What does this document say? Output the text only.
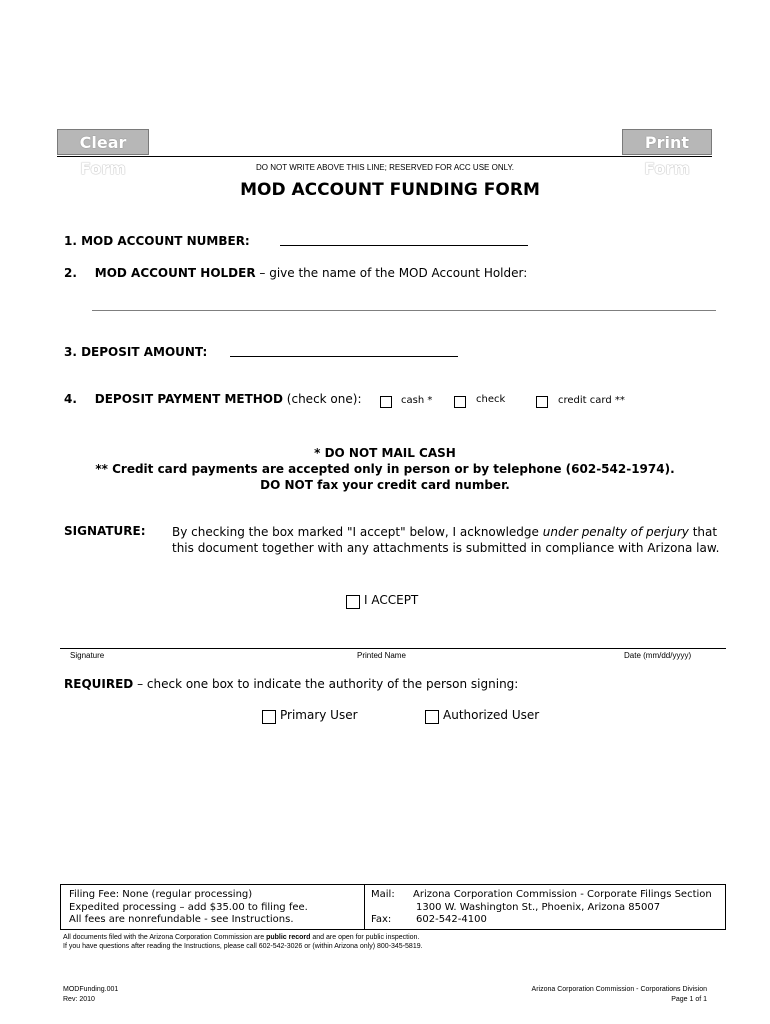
Clear Form
Print Form
DO NOT WRITE ABOVE THIS LINE; RESERVED FOR ACC USE ONLY.
MOD ACCOUNT FUNDING FORM
1. MOD ACCOUNT NUMBER:
2. MOD ACCOUNT HOLDER – give the name of the MOD Account Holder:
3. DEPOSIT AMOUNT:
4. DEPOSIT PAYMENT METHOD (check one):	cash *	check	credit card **
* DO NOT MAIL CASH
** Credit card payments are accepted only in person or by telephone (602-542-1974).
DO NOT fax your credit card number.
SIGNATURE: By checking the box marked "I accept" below, I acknowledge under penalty of perjury that this document together with any attachments is submitted in compliance with Arizona law.
I ACCEPT
Signature	Printed Name	Date (mm/dd/yyyy)
REQUIRED – check one box to indicate the authority of the person signing:
Primary User	Authorized User
Filing Fee: None (regular processing)
Expedited processing – add $35.00 to filing fee.
All fees are nonrefundable - see Instructions.
Mail: Arizona Corporation Commission - Corporate Filings Section
1300 W. Washington St., Phoenix, Arizona 85007
Fax: 602-542-4100
All documents filed with the Arizona Corporation Commission are public record and are open for public inspection.
If you have questions after reading the Instructions, please call 602-542-3026 or (within Arizona only) 800-345-5819.
MODFunding.001
Rev: 2010
Arizona Corporation Commission - Corporations Division
Page 1 of 1
